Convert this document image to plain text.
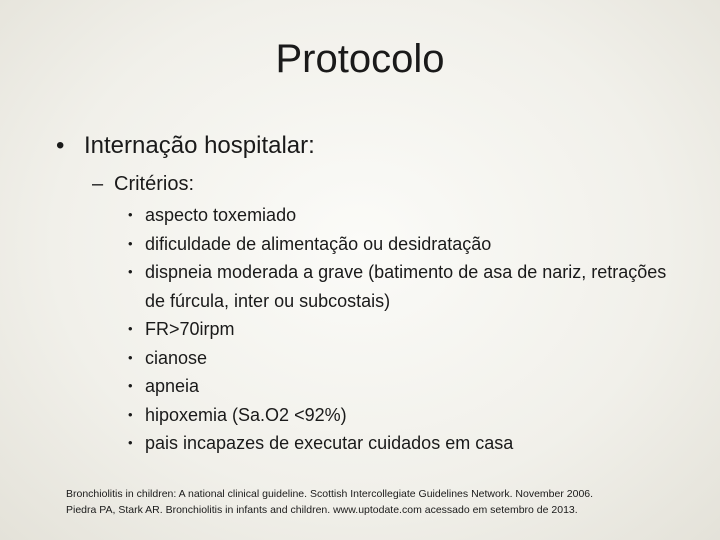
Protocolo
• Internação hospitalar:
– Critérios:
• aspecto toxemiado
• dificuldade de alimentação ou desidratação
• dispneia moderada a grave (batimento de asa de nariz, retrações de fúrcula, inter ou subcostais)
• FR>70irpm
• cianose
• apneia
• hipoxemia (Sa.O2 <92%)
• pais incapazes de executar cuidados em casa
Bronchiolitis in children: A national clinical guideline. Scottish Intercollegiate Guidelines Network. November 2006.
Piedra PA, Stark AR. Bronchiolitis in infants and children. www.uptodate.com acessado em setembro de 2013.
